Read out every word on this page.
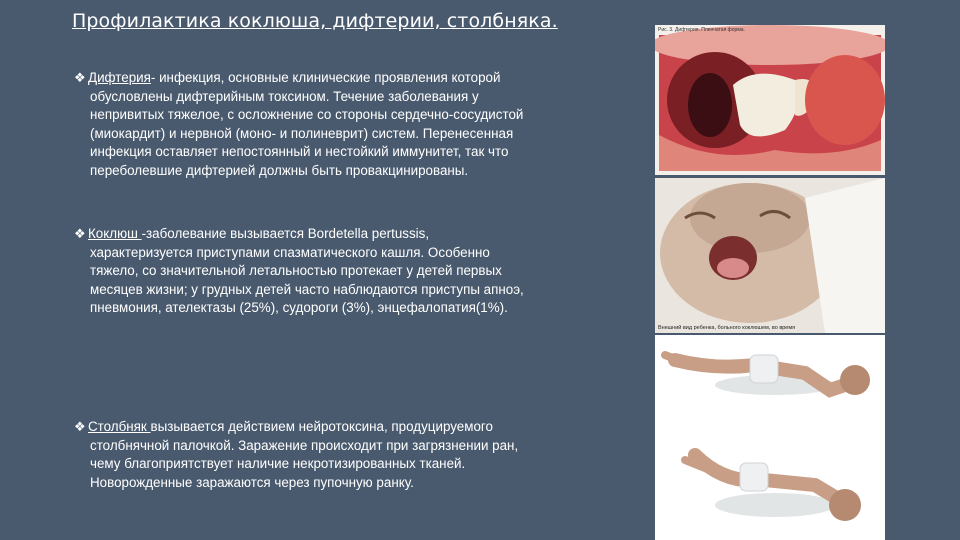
Профилактика коклюша, дифтерии, столбняка.
❖ Дифтерия- инфекция, основные клинические проявления которой
обусловлены дифтерийным токсином. Течение заболевания у
непривитых тяжелое, с осложнение со стороны сердечно-сосудистой
(миокардит) и нервной (моно- и полиневрит) систем. Перенесенная
инфекция оставляет непостоянный и нестойкий иммунитет, так что
переболевшие дифтерией должны быть провакцинированы.
❖ Коклюш -заболевание вызывается Bordetella pertussis,
характеризуется приступами спазматического кашля. Особенно
тяжело, со значительной летальностью протекает у детей первых
месяцев жизни; у грудных детей часто наблюдаются приступы апноэ,
пневмония, ателектазы (25%), судороги (3%), энцефалопатия(1%).
❖ Столбняк вызывается действием нейротоксина, продуцируемого
столбнячной палочкой. Заражение происходит при загрязнении ран,
чему благоприятствует наличие некротизированных тканей.
Новорожденные заражаются через пупочную ранку.
Рис. 3. Дифтерия. Пленчатая форма.
Внешний вид ребенка, больного коклюшем, во время
